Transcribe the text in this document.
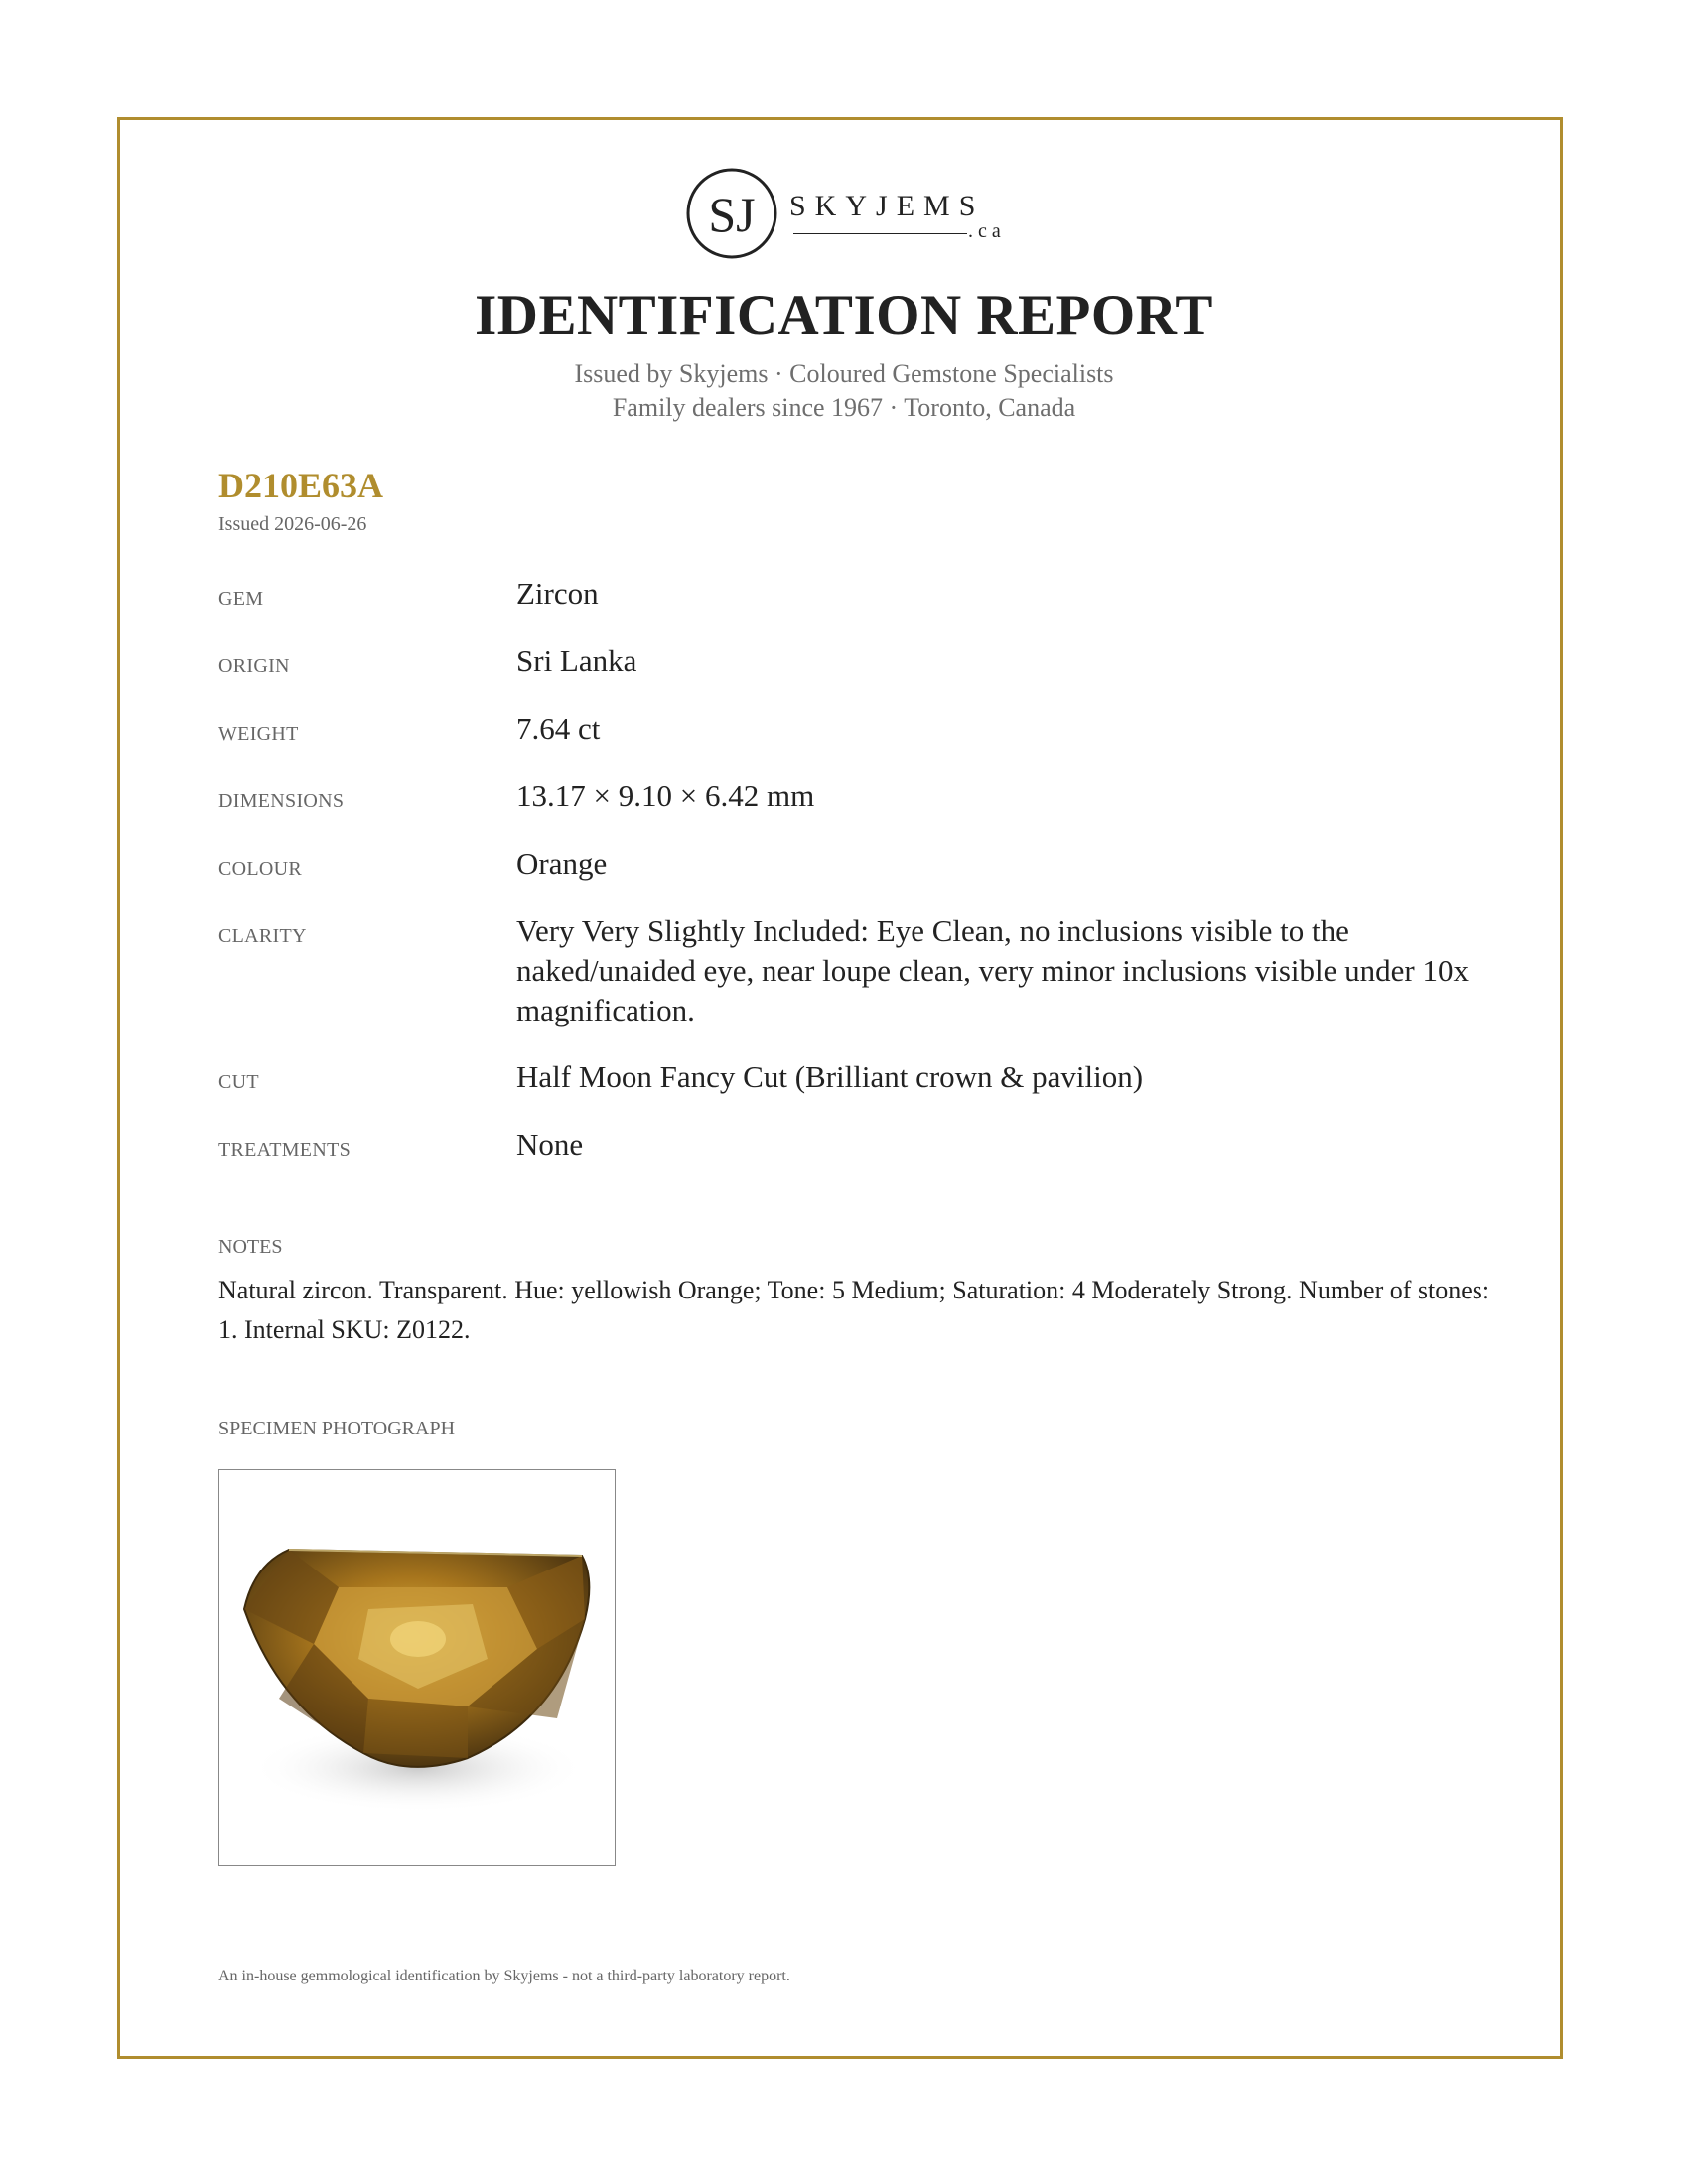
SJ SKYJEMS
.ca
IDENTIFICATION REPORT
Issued by Skyjems · Coloured Gemstone Specialists
Family dealers since 1967 · Toronto, Canada
D210E63A
Issued 2026-06-26
GEM	Zircon
ORIGIN	Sri Lanka
WEIGHT	7.64 ct
DIMENSIONS	13.17 × 9.10 × 6.42 mm
COLOUR	Orange
CLARITY	Very Very Slightly Included: Eye Clean, no inclusions visible to the naked/unaided eye, near loupe clean, very minor inclusions visible under 10x magnification.
CUT	Half Moon Fancy Cut (Brilliant crown & pavilion)
TREATMENTS	None
NOTES
Natural zircon. Transparent. Hue: yellowish Orange; Tone: 5 Medium; Saturation: 4 Moderately Strong. Number of stones: 1. Internal SKU: Z0122.
SPECIMEN PHOTOGRAPH
An in-house gemmological identification by Skyjems - not a third-party laboratory report.
